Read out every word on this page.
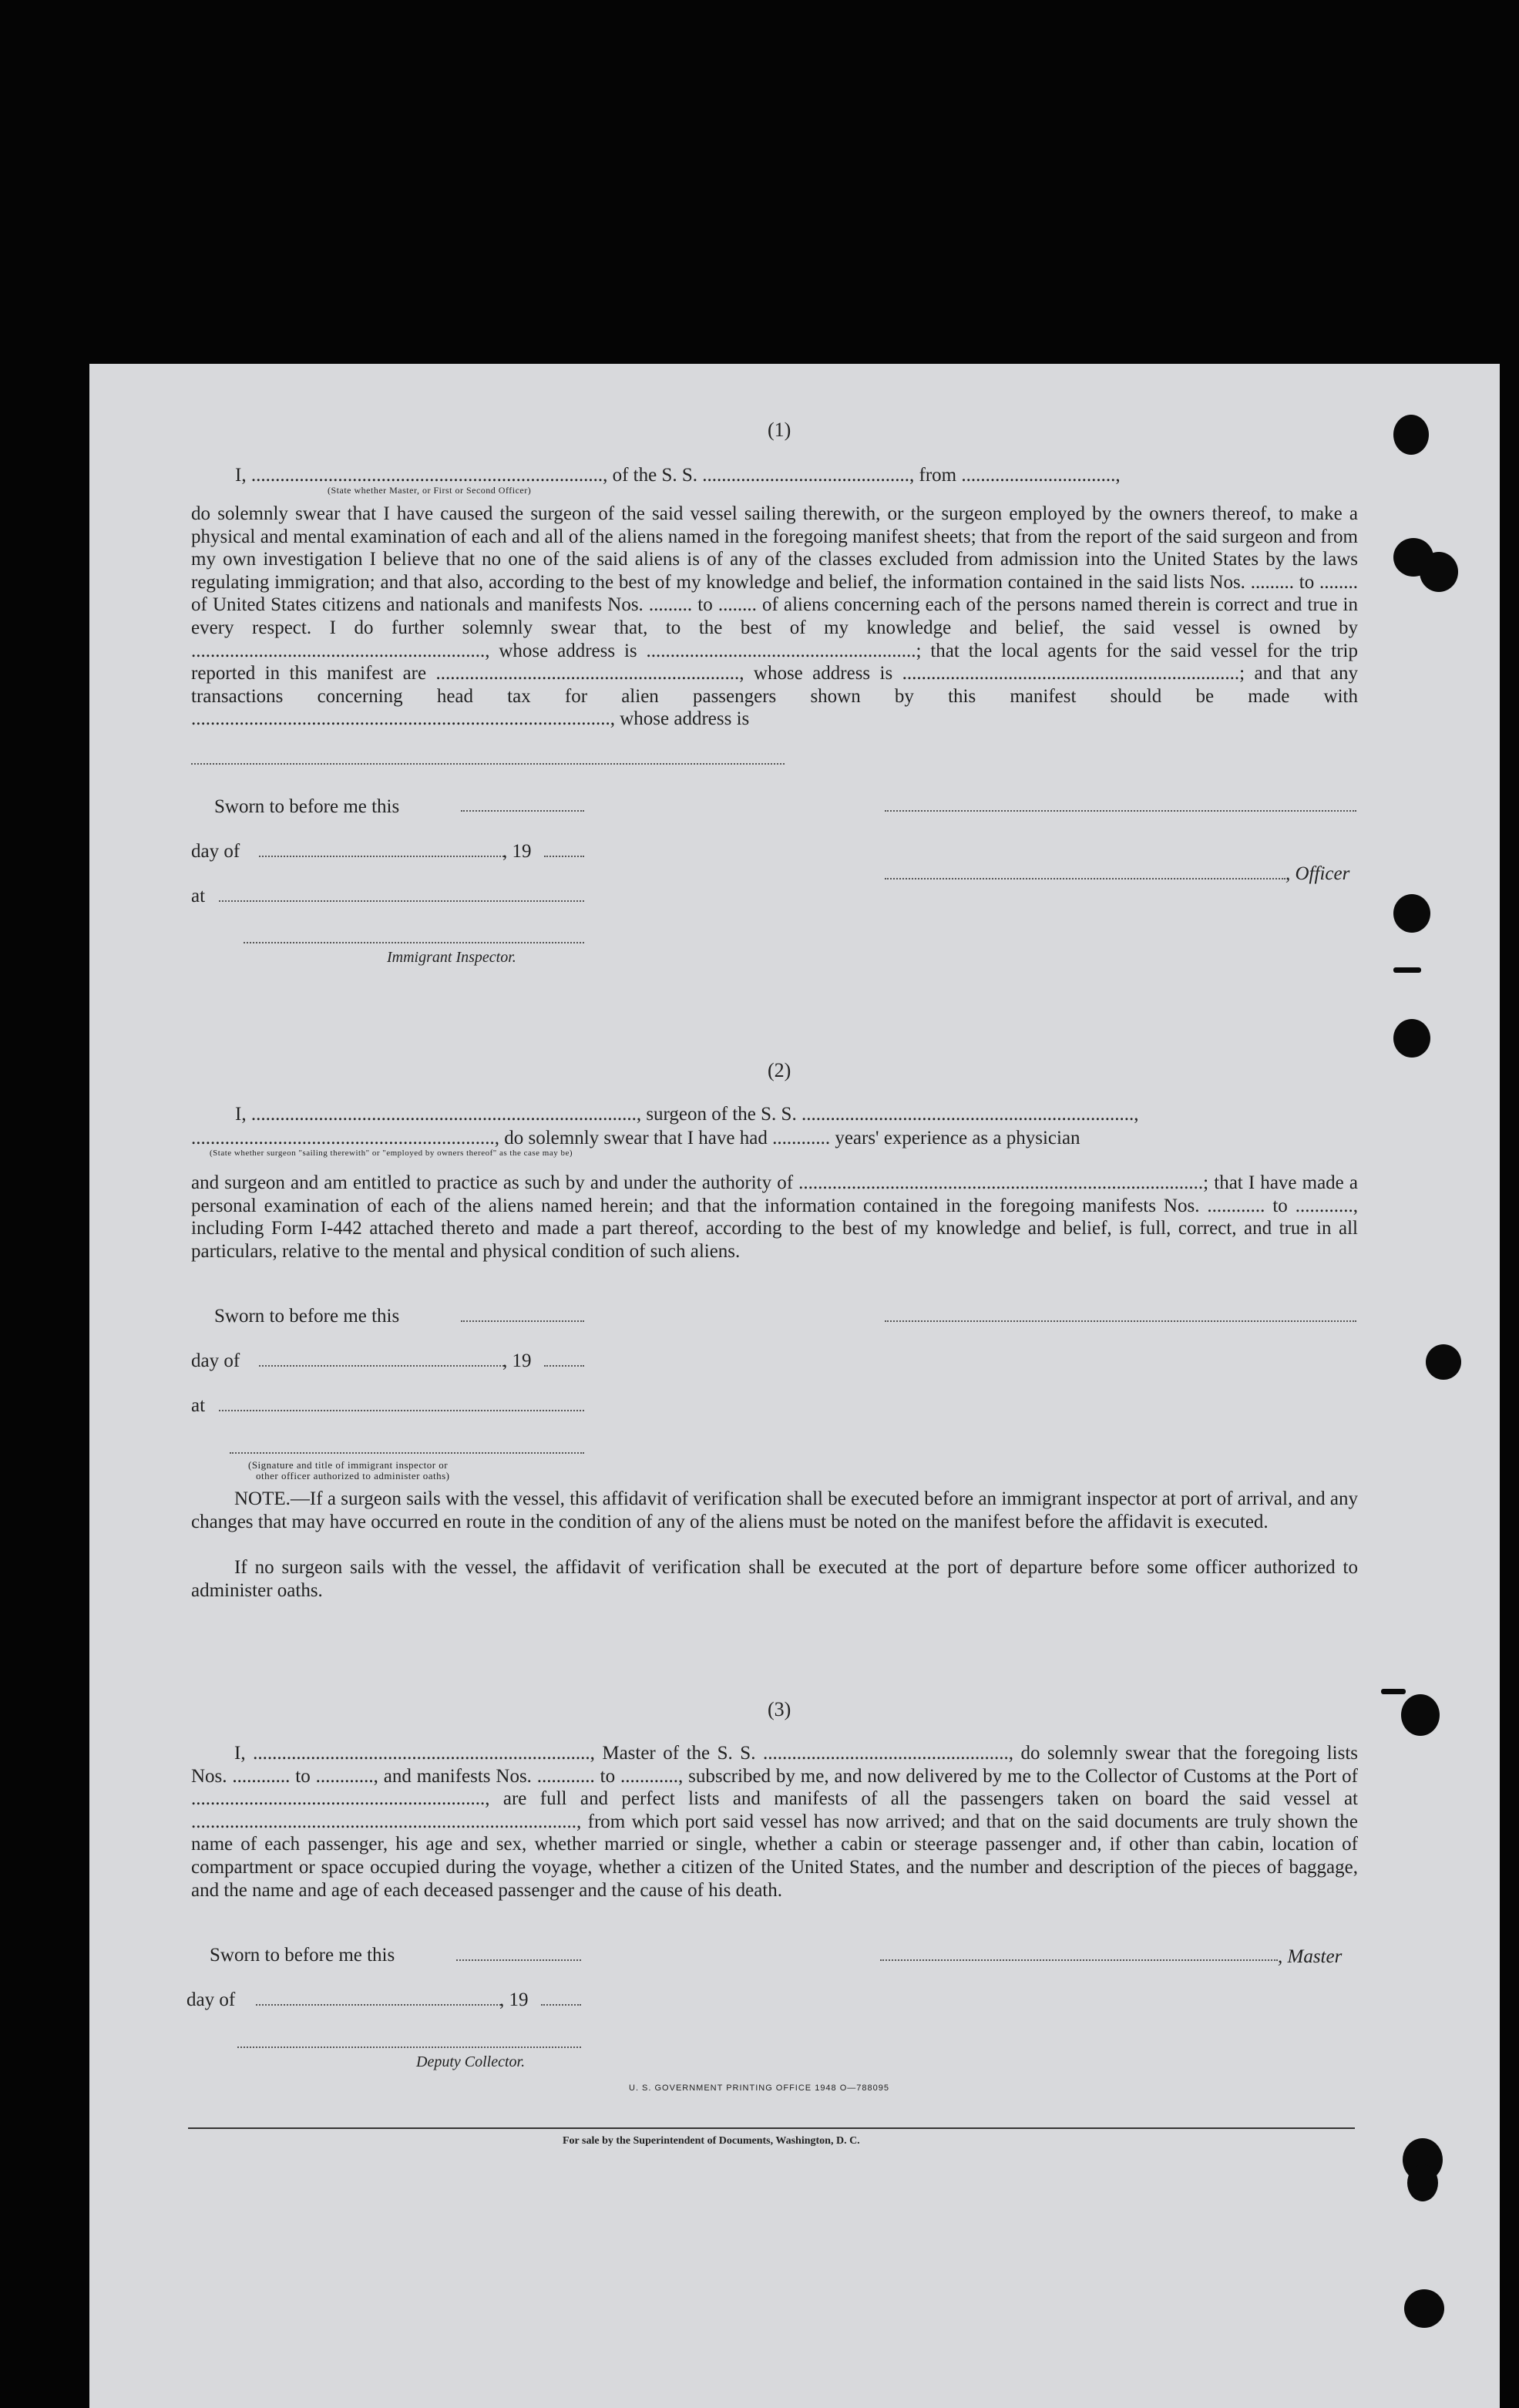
(1)
I, ........................................................................., of the S. S. ..........................................., from ................................,
(State whether Master, or First or Second Officer)
do solemnly swear that I have caused the surgeon of the said vessel sailing therewith, or the surgeon employed by the owners thereof, to make a physical and mental examination of each and all of the aliens named in the foregoing manifest sheets; that from the report of the said surgeon and from my own investigation I believe that no one of the said aliens is of any of the classes excluded from admission into the United States by the laws regulating immigration; and that also, according to the best of my knowledge and belief, the information contained in the said lists Nos. ......... to ........ of United States citizens and nationals and manifests Nos. ......... to ........ of aliens concerning each of the persons named therein is correct and true in every respect. I do further solemnly swear that, to the best of my knowledge and belief, the said vessel is owned by ............................................................., whose address is ........................................................; that the local agents for the said vessel for the trip reported in this manifest are ..............................................................., whose address is ......................................................................; and that any transactions concerning head tax for alien passengers shown by this manifest should be made with ......................................................................................., whose address is
Sworn to before me this
day of	, 19
, Officer
at
Immigrant Inspector.
(2)
I, ................................................................................, surgeon of the S. S. .....................................................................,
..............................................................., do solemnly swear that I have had ............ years' experience as a physician
(State whether surgeon "sailing therewith" or "employed by owners thereof" as the case may be)
and surgeon and am entitled to practice as such by and under the authority of ....................................................................................; that I have made a personal examination of each of the aliens named herein; and that the information contained in the foregoing manifests Nos. ............ to ............, including Form I-442 attached thereto and made a part thereof, according to the best of my knowledge and belief, is full, correct, and true in all particulars, relative to the mental and physical condition of such aliens.
Sworn to before me this
day of	, 19
at
(Signature and title of immigrant inspector or
other officer authorized to administer oaths)
NOTE.—If a surgeon sails with the vessel, this affidavit of verification shall be executed before an immigrant inspector at port of arrival, and any changes that may have occurred en route in the condition of any of the aliens must be noted on the manifest before the affidavit is executed.
If no surgeon sails with the vessel, the affidavit of verification shall be executed at the port of departure before some officer authorized to administer oaths.
(3)
I, ......................................................................, Master of the S. S. ..................................................., do solemnly swear that the foregoing lists Nos. ............ to ............, and manifests Nos. ............ to ............, subscribed by me, and now delivered by me to the Collector of Customs at the Port of ............................................................., are full and perfect lists and manifests of all the passengers taken on board the said vessel at ................................................................................, from which port said vessel has now arrived; and that on the said documents are truly shown the name of each passenger, his age and sex, whether married or single, whether a cabin or steerage passenger and, if other than cabin, location of compartment or space occupied during the voyage, whether a citizen of the United States, and the number and description of the pieces of baggage, and the name and age of each deceased passenger and the cause of his death.
Sworn to before me this	, Master
day of	, 19
Deputy Collector.
U. S. GOVERNMENT PRINTING OFFICE 1948 O—788095
For sale by the Superintendent of Documents, Washington, D. C.
